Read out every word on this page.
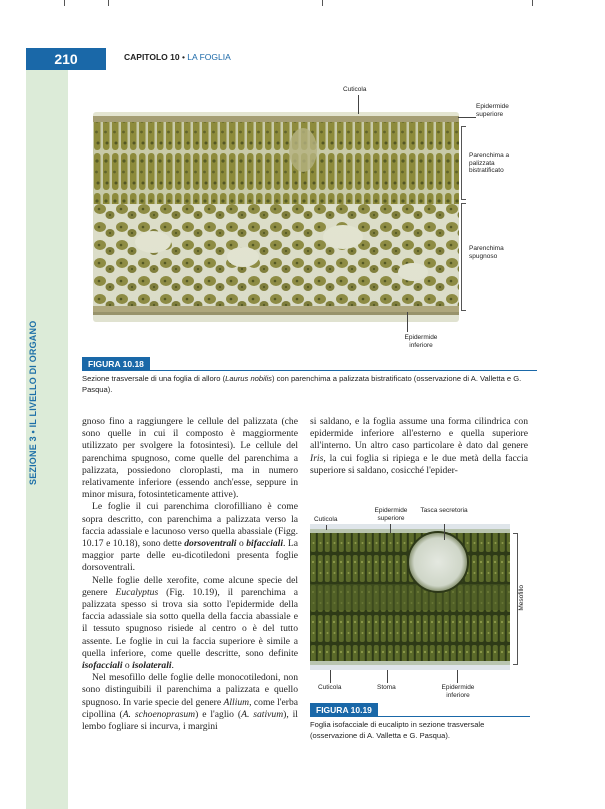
SEZIONE 3 • IL LIVELLO DI ORGANO
210	CAPITOLO 10 • LA FOGLIA
Cuticola
Epidermide superiore
Parenchima a palizzata bistratificato
Parenchima spugnoso
Epidermide inferiore
FIGURA 10.18
Sezione trasversale di una foglia di alloro (Laurus nobilis) con parenchima a palizzata bistratificato (osservazione di A. Valletta e G. Pasqua).

gnoso fino a raggiungere le cellule del palizzata (che sono quelle in cui il composto è maggiormente utilizzato per svolgere la fotosintesi). Le cellule del parenchima spugnoso, come quelle del parenchima a palizzata, possiedono cloroplasti, ma in numero relativamente inferiore (essendo anch'esse, seppure in minor misura, fotosinteticamente attive).

Le foglie il cui parenchima clorofilliano è come sopra descritto, con parenchima a palizzata verso la faccia adassiale e lacunoso verso quella abassiale (Figg. 10.17 e 10.18), sono dette dorsoventrali o bifacciali. La maggior parte delle eu-dicotiledoni presenta foglie dorsoventrali.

Nelle foglie delle xerofite, come alcune specie del genere Eucalyptus (Fig. 10.19), il parenchima a palizzata spesso si trova sia sotto l'epidermide della faccia adassiale sia sotto quella della faccia abassiale e il tessuto spugnoso risiede al centro o è del tutto assente. Le foglie in cui la faccia superiore è simile a quella inferiore, come quelle descritte, sono definite isofacciali o isolaterali.

Nel mesofillo delle foglie delle monocotiledoni, non sono distinguibili il parenchima a palizzata e quello spugnoso. In varie specie del genere Allium, come l'erba cipollina (A. schoenoprasum) e l'aglio (A. sativum), il lembo fogliare si incurva, i margini

si saldano, e la foglia assume una forma cilindrica con epidermide inferiore all'esterno e quella superiore all'interno. Un altro caso particolare è dato dal genere Iris, la cui foglia si ripiega e le due metà della faccia superiore si saldano, cosicché l'epider-

Cuticola
Epidermide superiore
Tasca secretoria
Mesofillo
Cuticola	Stoma	Epidermide inferiore
FIGURA 10.19
Foglia isofacciale di eucalipto in sezione trasversale (osservazione di A. Valletta e G. Pasqua).
